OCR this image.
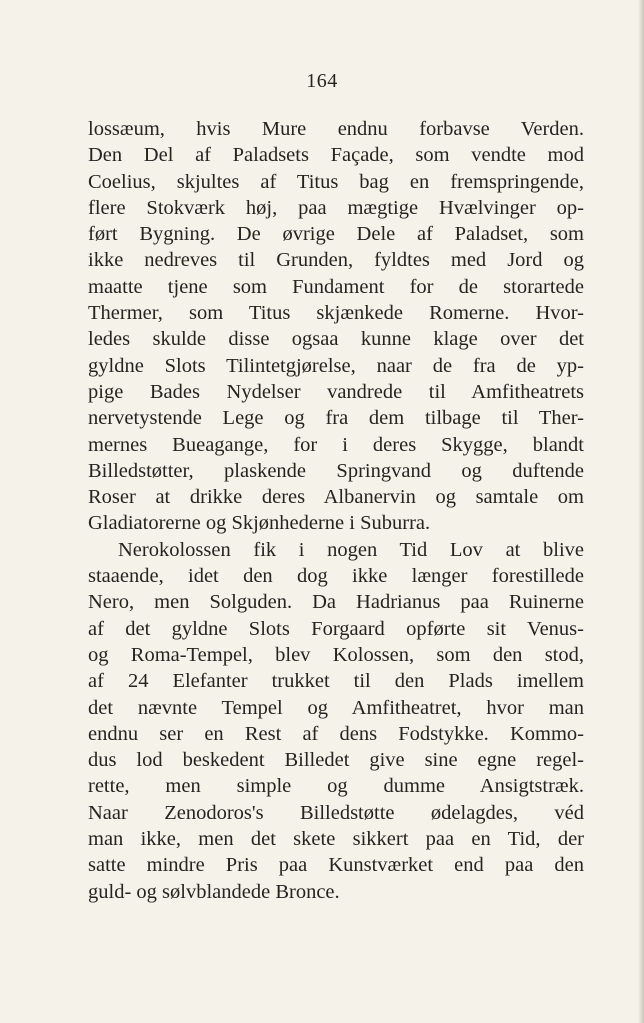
164
lossæum, hvis Mure endnu forbavse Verden.
Den Del af Paladsets Façade, som vendte mod
Coelius, skjultes af Titus bag en fremspringende,
flere Stokværk høj, paa mægtige Hvælvinger op-
ført Bygning. De øvrige Dele af Paladset, som
ikke nedreves til Grunden, fyldtes med Jord og
maatte tjene som Fundament for de storartede
Thermer, som Titus skjænkede Romerne. Hvor-
ledes skulde disse ogsaa kunne klage over det
gyldne Slots Tilintetgjørelse, naar de fra de yp-
pige Bades Nydelser vandrede til Amfitheatrets
nervetystende Lege og fra dem tilbage til Ther-
mernes Bueagange, for i deres Skygge, blandt
Billedstøtter, plaskende Springvand og duftende
Roser at drikke deres Albanervin og samtale om
Gladiatorerne og Skjønhederne i Suburra.
Nerokolossen fik i nogen Tid Lov at blive
staaende, idet den dog ikke længer forestillede
Nero, men Solguden. Da Hadrianus paa Ruinerne
af det gyldne Slots Forgaard opførte sit Venus-
og Roma-Tempel, blev Kolossen, som den stod,
af 24 Elefanter trukket til den Plads imellem
det nævnte Tempel og Amfitheatret, hvor man
endnu ser en Rest af dens Fodstykke. Kommo-
dus lod beskedent Billedet give sine egne regel-
rette, men simple og dumme Ansigtstræk.
Naar Zenodoros's Billedstøtte ødelagdes, véd
man ikke, men det skete sikkert paa en Tid, der
satte mindre Pris paa Kunstværket end paa den
guld- og sølvblandede Bronce.
